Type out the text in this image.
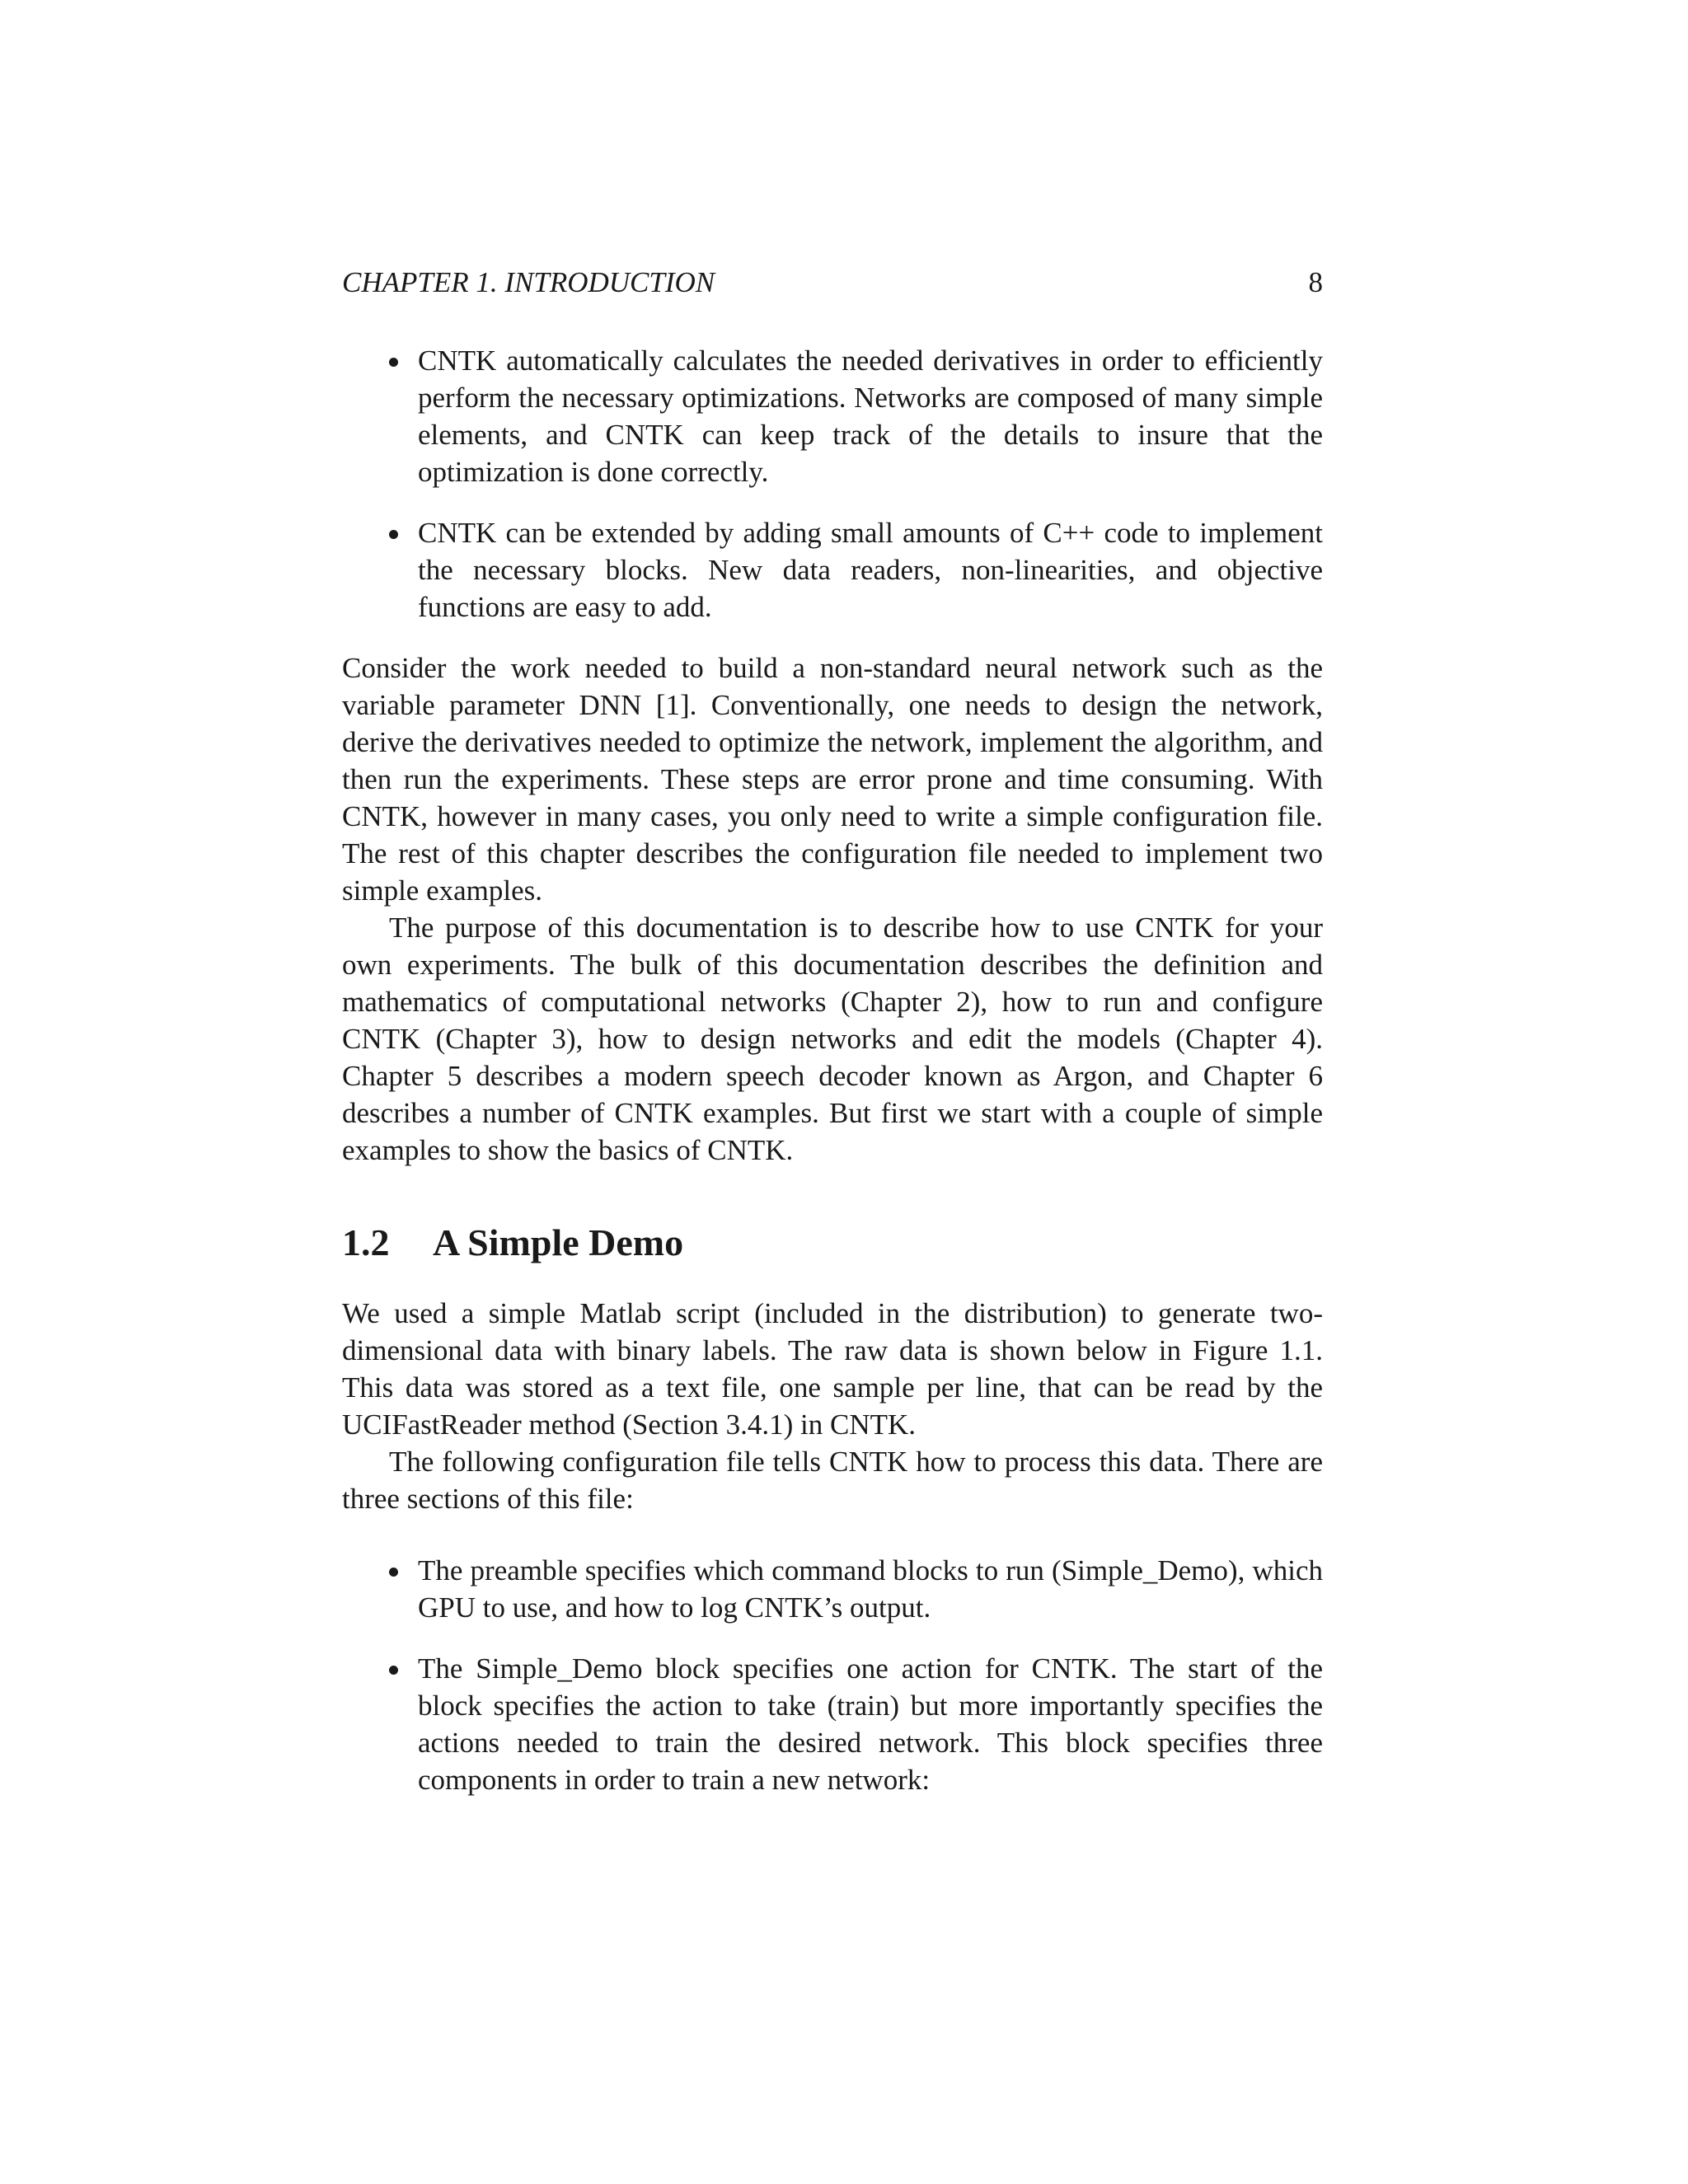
CHAPTER 1. INTRODUCTION	8
CNTK automatically calculates the needed derivatives in order to efficiently perform the necessary optimizations. Networks are composed of many simple elements, and CNTK can keep track of the details to insure that the optimization is done correctly.
CNTK can be extended by adding small amounts of C++ code to implement the necessary blocks. New data readers, non-linearities, and objective functions are easy to add.

Consider the work needed to build a non-standard neural network such as the variable parameter DNN [1]. Conventionally, one needs to design the network, derive the derivatives needed to optimize the network, implement the algorithm, and then run the experiments. These steps are error prone and time consuming. With CNTK, however in many cases, you only need to write a simple configuration file. The rest of this chapter describes the configuration file needed to implement two simple examples.

The purpose of this documentation is to describe how to use CNTK for your own experiments. The bulk of this documentation describes the definition and mathematics of computational networks (Chapter 2), how to run and configure CNTK (Chapter 3), how to design networks and edit the models (Chapter 4). Chapter 5 describes a modern speech decoder known as Argon, and Chapter 6 describes a number of CNTK examples. But first we start with a couple of simple examples to show the basics of CNTK.

1.2 A Simple Demo

We used a simple Matlab script (included in the distribution) to generate two-dimensional data with binary labels. The raw data is shown below in Figure 1.1. This data was stored as a text file, one sample per line, that can be read by the UCIFastReader method (Section 3.4.1) in CNTK.

The following configuration file tells CNTK how to process this data. There are three sections of this file:

The preamble specifies which command blocks to run (Simple_Demo), which GPU to use, and how to log CNTK’s output.
The Simple_Demo block specifies one action for CNTK. The start of the block specifies the action to take (train) but more importantly specifies the actions needed to train the desired network. This block specifies three components in order to train a new network:
